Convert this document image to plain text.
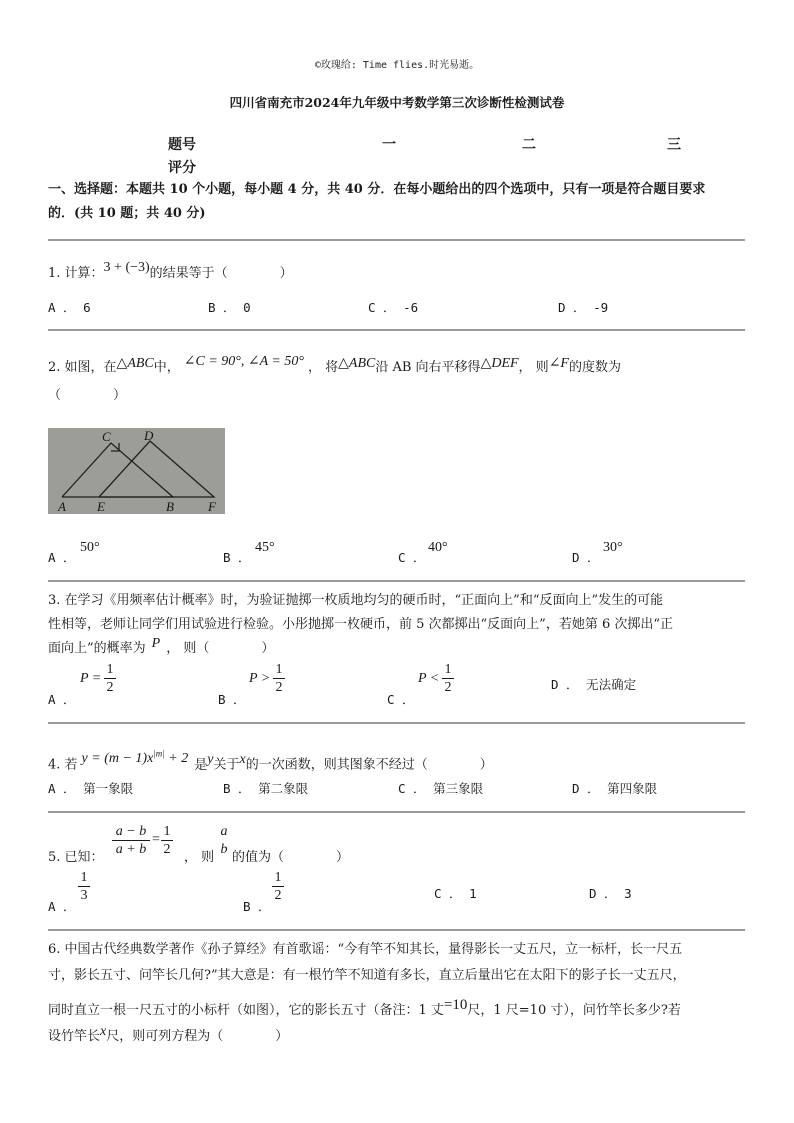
©玫瑰给: Time flies.时光易逝。
四川省南充市2024年九年级中考数学第三次诊断性检测试卷
题号	一	二	三
评分
一、选择题：本题共 10 个小题，每小题 4 分，共 40 分．在每小题给出的四个选项中，只有一项是符合题目要求
的．(共 10 题；共 40 分)
1. 计算：3 + (−3)的结果等于（　　　　）
A ． 6	B ． 0	C ． -6	D ． -9
2. 如图，在△ABC中， ∠C = 90°, ∠A = 50° ， 将△ABC沿 AB 向右平移得△DEF， 则∠F的度数为
（　　　　）
C	D
A E	B	F
A ．
50°
B ．
45°
C ．
40°
D ．
30°
3. 在学习《用频率估计概率》时，为验证抛掷一枚质地均匀的硬币时，“正面向上”和“反面向上”发生的可能
性相等，老师让同学们用试验进行检验。小彤抛掷一枚硬币，前 5 次都掷出“反面向上”，若她第 6 次掷出“正
面向上”的概率为 P ， 则（　　　　）
A ．
P =
1
2
B ．
P >
1
2
C ．
P <
1
2	D ． 无法确定
4. 若 $y = (m - 1)x^{|m|} + 2$ 是y关于x的一次函数，则其图象不经过（　　　　）
A ． 第一象限	B ． 第二象限	C ． 第三象限	D ． 第四象限
5. 已知：
a − b
a + b
=
1
2
， 则
a
b
的值为（　　　　）
A ．
1
3
B ．
1
2	C ． 1	D ． 3
6. 中国古代经典数学著作《孙子算经》有首歌谣：“今有竿不知其长，量得影长一丈五尺，立一标杆，长一尺五
寸，影长五寸、问竿长几何?”其大意是：有一根竹竿不知道有多长，直立后量出它在太阳下的影子长一丈五尺，
同时直立一根一尺五寸的小标杆（如图），它的影长五寸（备注：1 丈=10尺，1 尺=10 寸），问竹竿长多少?若
设竹竿长x尺，则可列方程为（　　　　）
